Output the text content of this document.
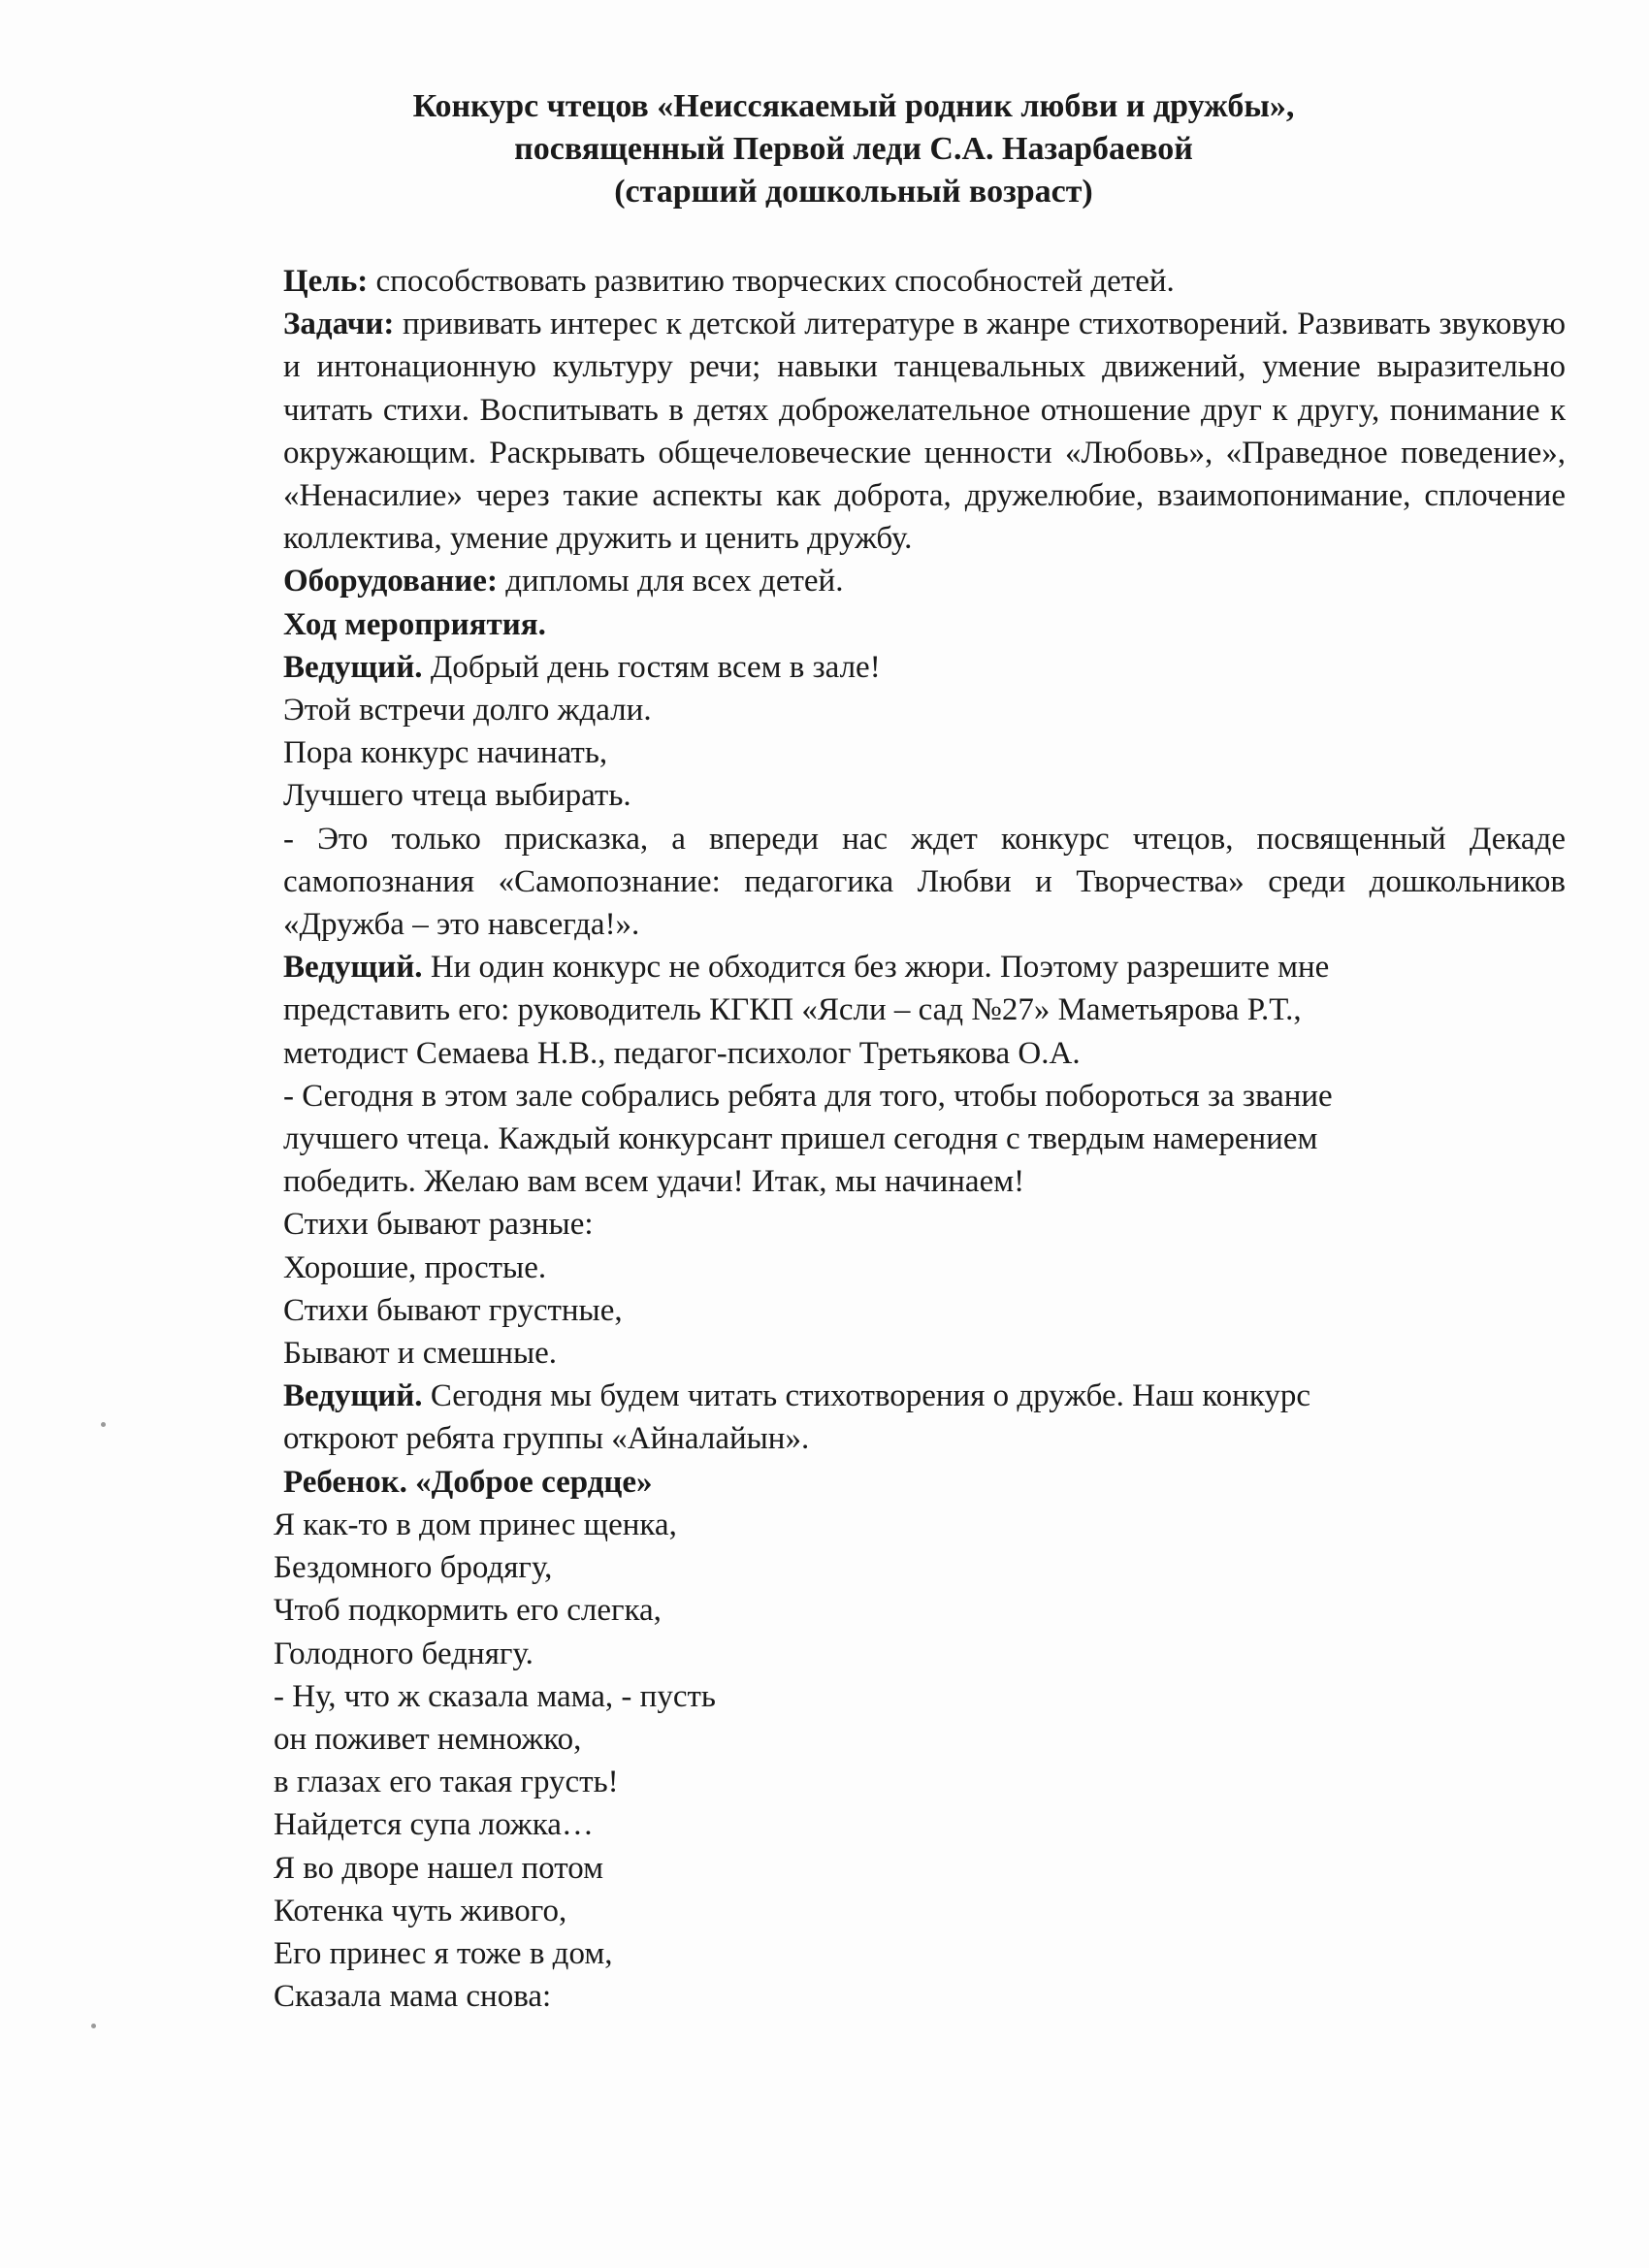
Конкурс чтецов «Неиссякаемый родник любви и дружбы»,
посвященный Первой леди С.А. Назарбаевой
(старший дошкольный возраст)

Цель: способствовать развитию творческих способностей детей.

Задачи: прививать интерес к детской литературе в жанре стихотворений. Развивать звуковую и интонационную культуру речи; навыки танцевальных движений, умение выразительно читать стихи. Воспитывать в детях доброжелательное отношение друг к другу, понимание к окружающим. Раскрывать общечеловеческие ценности «Любовь», «Праведное поведение», «Ненасилие» через такие аспекты как доброта, дружелюбие, взаимопонимание, сплочение коллектива, умение дружить и ценить дружбу.

Оборудование: дипломы для всех детей.

Ход мероприятия.

Ведущий. Добрый день гостям всем в зале!

Этой встречи долго ждали.
Пора конкурс начинать,
Лучшего чтеца выбирать.

- Это только присказка, а впереди нас ждет конкурс чтецов, посвященный Декаде самопознания «Самопознание: педагогика Любви и Творчества» среди дошкольников «Дружба – это навсегда!».

Ведущий. Ни один конкурс не обходится без жюри. Поэтому разрешите мне
представить его: руководитель КГКП «Ясли – сад №27» Маметьярова Р.Т.,
методист Семаева Н.В., педагог-психолог Третьякова О.А.
- Сегодня в этом зале собрались ребята для того, чтобы побороться за звание
лучшего чтеца. Каждый конкурсант пришел сегодня с твердым намерением
победить. Желаю вам всем удачи! Итак, мы начинаем!
Стихи бывают разные:
Хорошие, простые.
Стихи бывают грустные,
Бывают и смешные.
Ведущий. Сегодня мы будем читать стихотворения о дружбе. Наш конкурс
откроют ребята группы «Айналайын».
Ребенок. «Доброе сердце»
Я как-то в дом принес щенка,
Бездомного бродягу,
Чтоб подкормить его слегка,
Голодного беднягу.
- Ну, что ж сказала мама, - пусть
он поживет немножко,
в глазах его такая грусть!
Найдется супа ложка…
Я во дворе нашел потом
Котенка чуть живого,
Его принес я тоже в дом,
Сказала мама снова:
